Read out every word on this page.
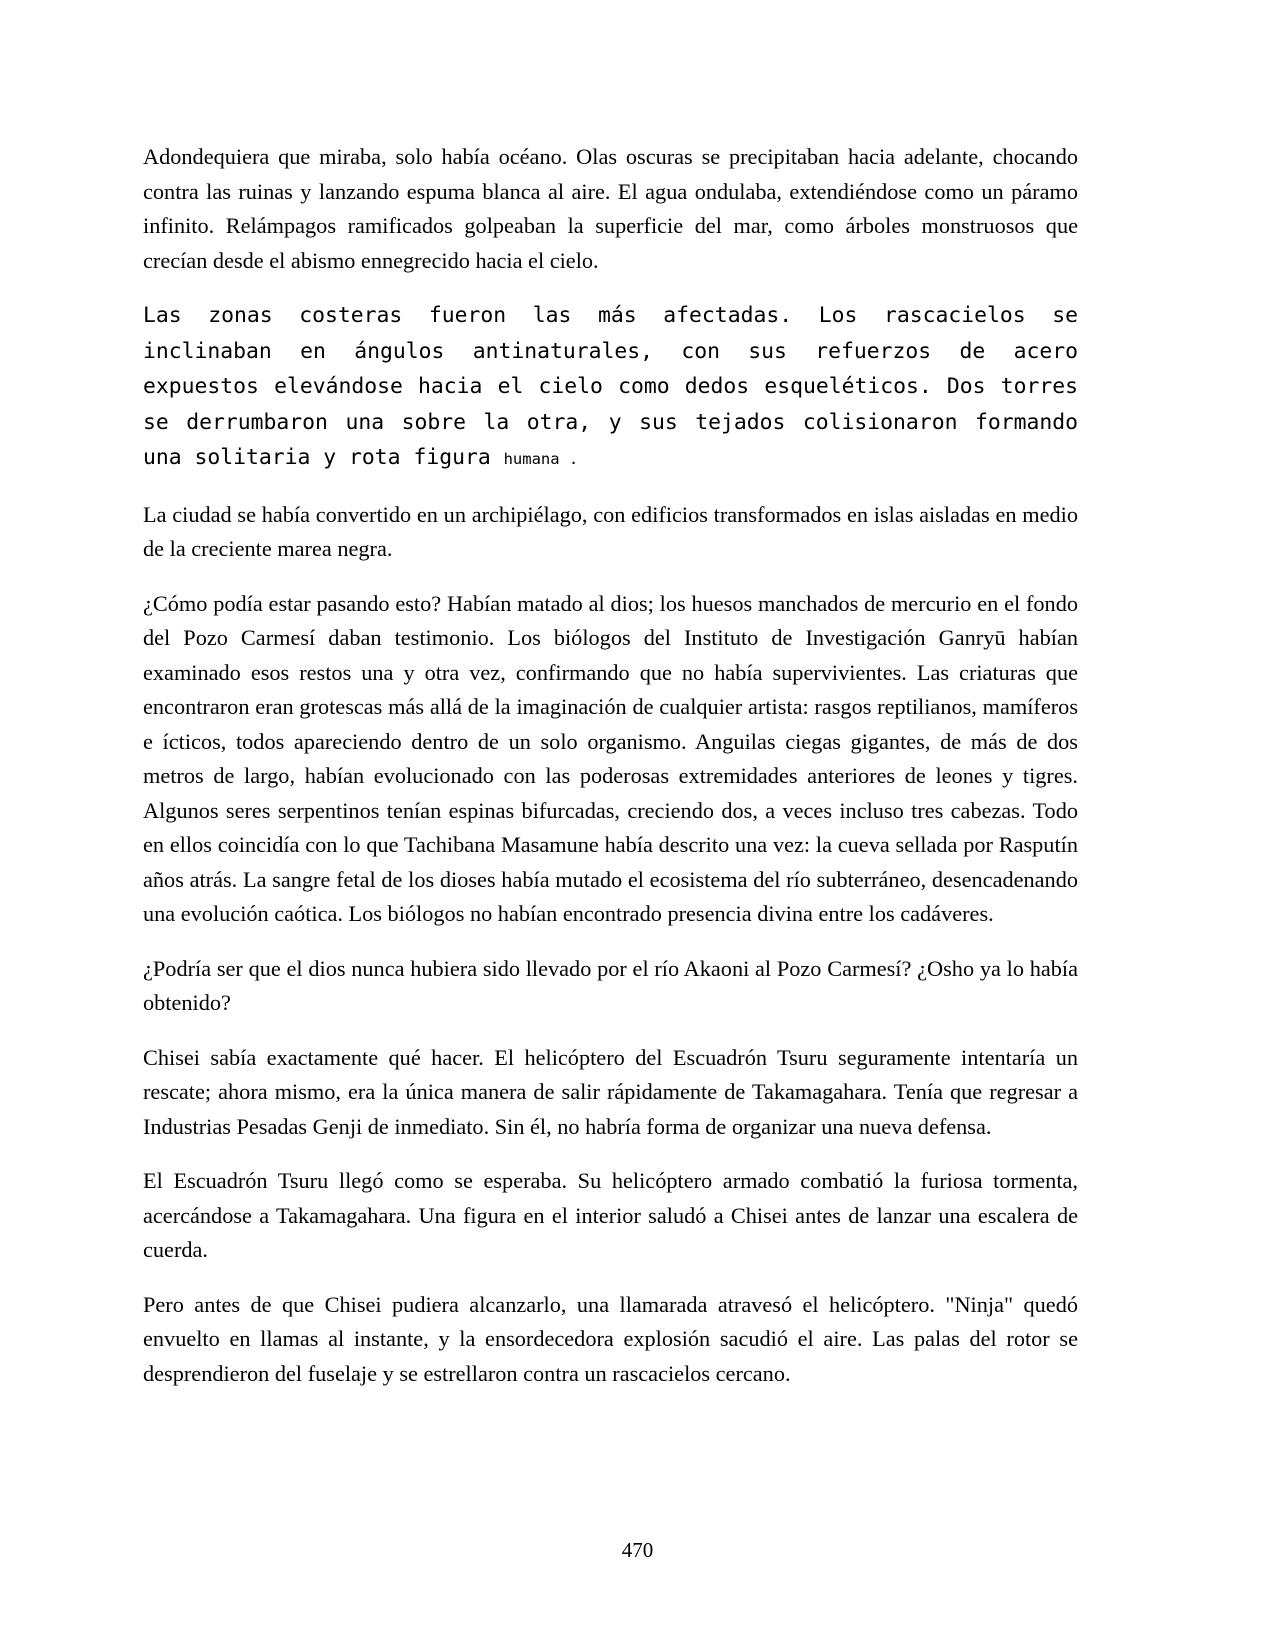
Adondequiera que miraba, solo había océano. Olas oscuras se precipitaban hacia adelante, chocando contra las ruinas y lanzando espuma blanca al aire. El agua ondulaba, extendiéndose como un páramo infinito. Relámpagos ramificados golpeaban la superficie del mar, como árboles monstruosos que crecían desde el abismo ennegrecido hacia el cielo.

Las zonas costeras fueron las más afectadas. Los rascacielos se inclinaban en ángulos antinaturales, con sus refuerzos de acero expuestos elevándose hacia el cielo como dedos esqueléticos. Dos torres se derrumbaron una sobre la otra, y sus tejados colisionaron formando una solitaria y rota figura humana .

La ciudad se había convertido en un archipiélago, con edificios transformados en islas aisladas en medio de la creciente marea negra.

¿Cómo podía estar pasando esto? Habían matado al dios; los huesos manchados de mercurio en el fondo del Pozo Carmesí daban testimonio. Los biólogos del Instituto de Investigación Ganryū habían examinado esos restos una y otra vez, confirmando que no había supervivientes. Las criaturas que encontraron eran grotescas más allá de la imaginación de cualquier artista: rasgos reptilianos, mamíferos e ícticos, todos apareciendo dentro de un solo organismo. Anguilas ciegas gigantes, de más de dos metros de largo, habían evolucionado con las poderosas extremidades anteriores de leones y tigres. Algunos seres serpentinos tenían espinas bifurcadas, creciendo dos, a veces incluso tres cabezas. Todo en ellos coincidía con lo que Tachibana Masamune había descrito una vez: la cueva sellada por Rasputín años atrás. La sangre fetal de los dioses había mutado el ecosistema del río subterráneo, desencadenando una evolución caótica. Los biólogos no habían encontrado presencia divina entre los cadáveres.

¿Podría ser que el dios nunca hubiera sido llevado por el río Akaoni al Pozo Carmesí? ¿Osho ya lo había obtenido?

Chisei sabía exactamente qué hacer. El helicóptero del Escuadrón Tsuru seguramente intentaría un rescate; ahora mismo, era la única manera de salir rápidamente de Takamagahara. Tenía que regresar a Industrias Pesadas Genji de inmediato. Sin él, no habría forma de organizar una nueva defensa.

El Escuadrón Tsuru llegó como se esperaba. Su helicóptero armado combatió la furiosa tormenta, acercándose a Takamagahara. Una figura en el interior saludó a Chisei antes de lanzar una escalera de cuerda.

Pero antes de que Chisei pudiera alcanzarlo, una llamarada atravesó el helicóptero. "Ninja" quedó envuelto en llamas al instante, y la ensordecedora explosión sacudió el aire. Las palas del rotor se desprendieron del fuselaje y se estrellaron contra un rascacielos cercano.

470
